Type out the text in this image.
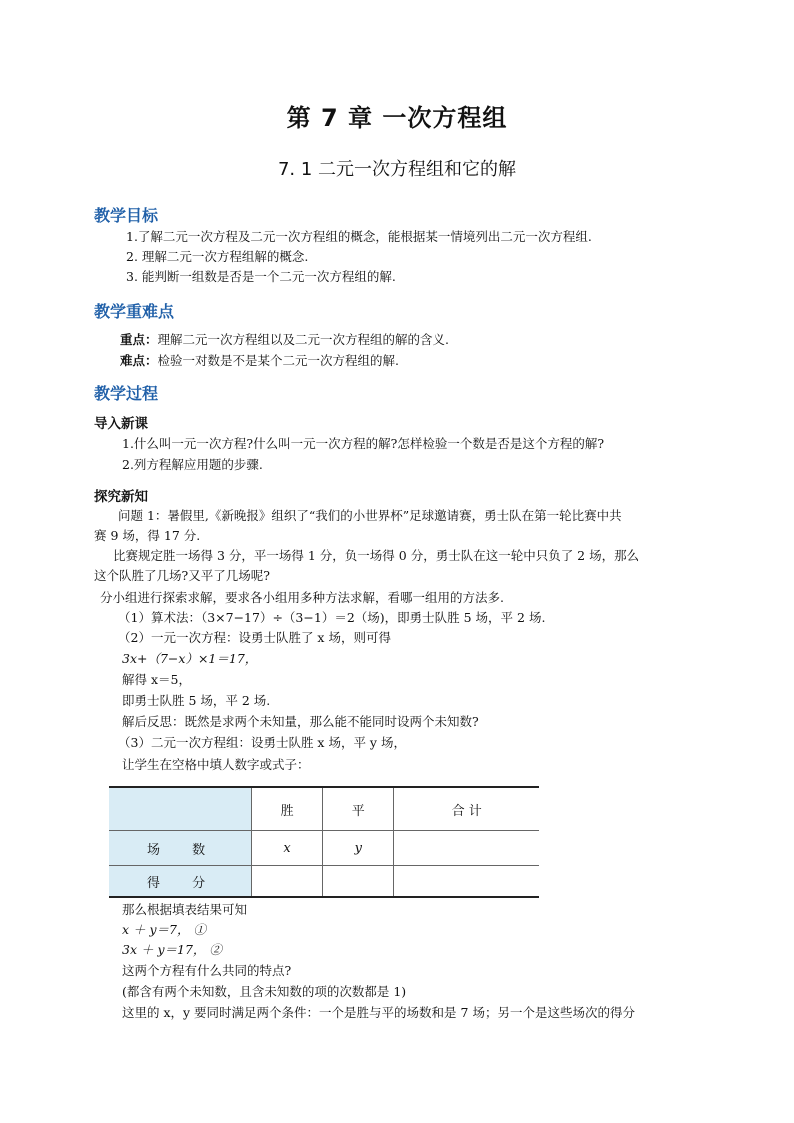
第 7 章 一次方程组
7. 1 二元一次方程组和它的解
教学目标
1.了解二元一次方程及二元一次方程组的概念，能根据某一情境列出二元一次方程组.
2. 理解二元一次方程组解的概念.
3. 能判断一组数是否是一个二元一次方程组的解.
教学重难点
重点：理解二元一次方程组以及二元一次方程组的解的含义.
难点：检验一对数是不是某个二元一次方程组的解.
教学过程
导入新课
1.什么叫一元一次方程?什么叫一元一次方程的解?怎样检验一个数是否是这个方程的解?
2.列方程解应用题的步骤.
探究新知
问题 1：暑假里,《新晚报》组织了“我们的小世界杯”足球邀请赛，勇士队在第一轮比赛中共
赛 9 场，得 17 分.
比赛规定胜一场得 3 分，平一场得 1 分，负一场得 0 分，勇士队在这一轮中只负了 2 场，那么
这个队胜了几场?又平了几场呢?
分小组进行探索求解，要求各小组用多种方法求解，看哪一组用的方法多.
（1）算术法：（3×7−17）÷（3−1）＝2（场)，即勇士队胜 5 场，平 2 场.
（2）一元一次方程：设勇士队胜了 x 场，则可得
3x+（7−x）×1＝17，
解得 x＝5，
即勇士队胜 5 场，平 2 场.
解后反思：既然是求两个未知量，那么能不能同时设两个未知数?
（3）二元一次方程组：设勇士队胜 x 场，平 y 场，
让学生在空格中填人数字或式子：
	胜	平	合 计
场 数	x	y	
得 分			
那么根据填表结果可知
x ＋ y＝7， ①
3x ＋ y＝17， ②
这两个方程有什么共同的特点?
(都含有两个未知数，且含未知数的项的次数都是 1)
这里的 x，y 要同时满足两个条件：一个是胜与平的场数和是 7 场；另一个是这些场次的得分
